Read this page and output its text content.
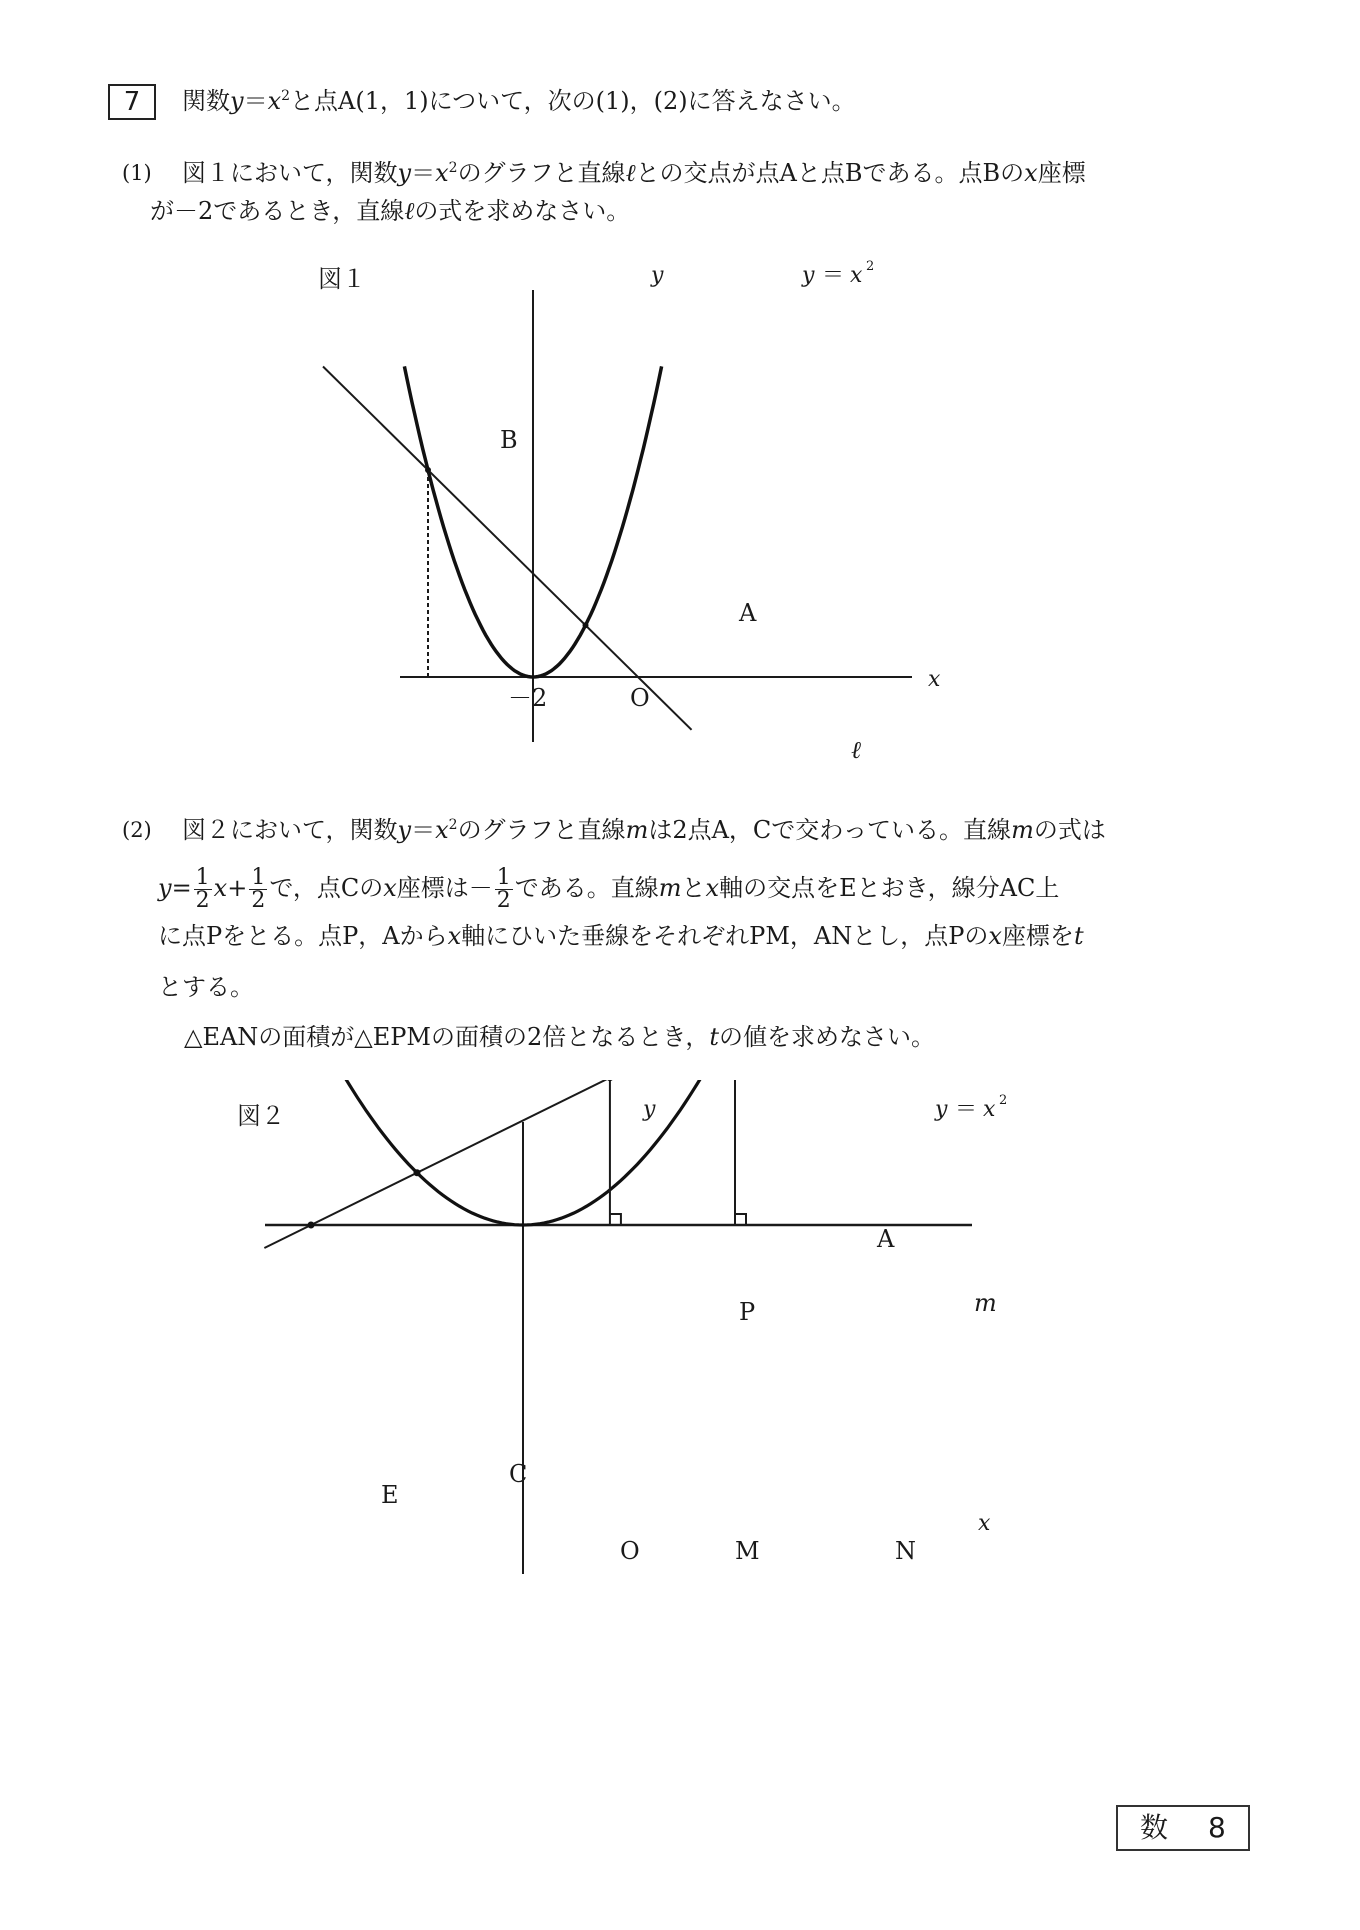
7	関数$y=x^2$と点A(1，1)について，次の(1)，(2)に答えなさい。
(1) 図１において，関数$y=x^2$のグラフと直線ℓとの交点が点Aと点Bである。点Bのx座標
が－2であるとき，直線ℓの式を求めなさい。
図１	y
x
y ＝ x 2
B
A
O
－2
ℓ
(2) 図２において，関数$y=x^2$のグラフと直線mは2点A，Cで交わっている。直線mの式は
$y= \frac{1}{2} x+ \frac{1}{2}$ で，点Cのx座標は－ $\frac{1}{2}$ である。直線mとx軸の交点をEとおき，線分AC上
に点Pをとる。点P，Aからx軸にひいた垂線をそれぞれPM，ANとし，点Pのx座標をt
とする。
△EANの面積が△EPMの面積の2倍となるとき，tの値を求めなさい。
図２	y
x
y ＝ x 2
A
C
E
P
M	N
O
m
数 8
